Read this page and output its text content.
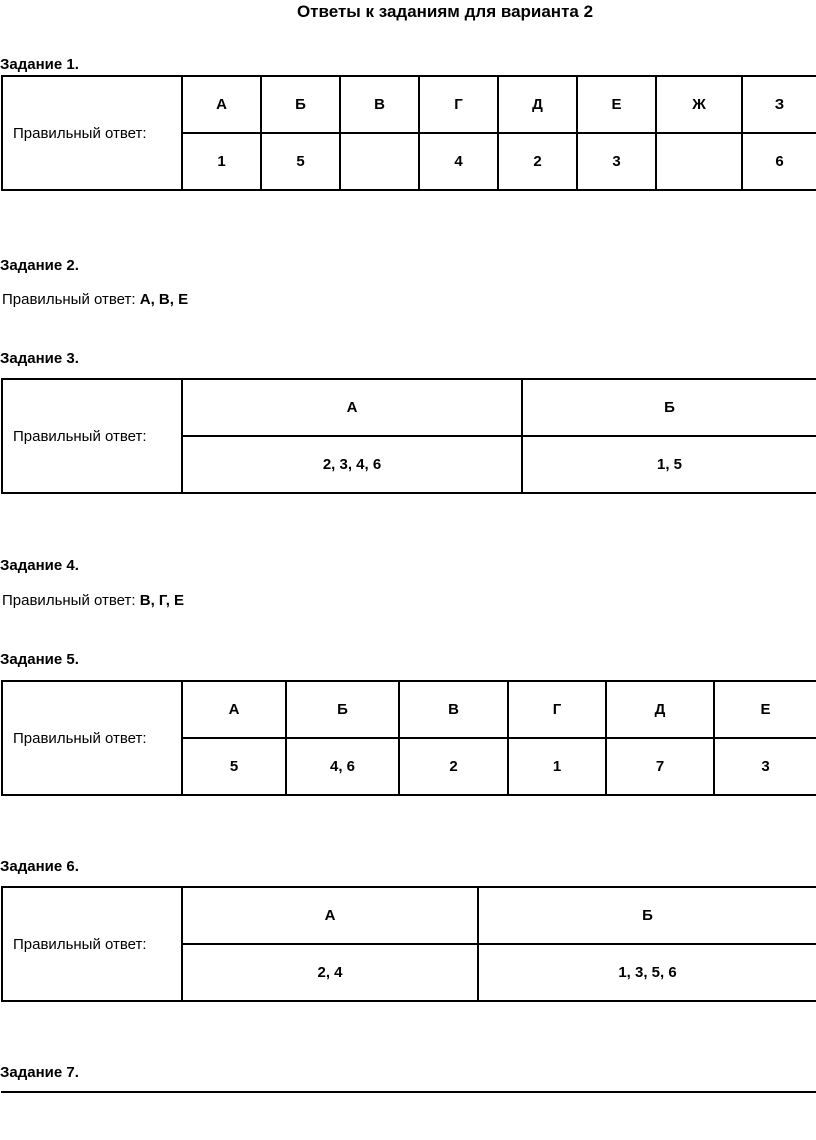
Ответы к заданиям для варианта 2
Задание 1.
Правильный ответ:	А	Б	В	Г	Д	Е	Ж	З
	1	5		4	2	3		6
Задание 2.
Правильный ответ: А, В, Е
Задание 3.
Правильный ответ:	А	Б
	2, 3, 4, 6	1, 5
Задание 4.
Правильный ответ: В, Г, Е
Задание 5.
Правильный ответ:	А	Б	В	Г	Д	Е
	5	4, 6	2	1	7	3
Задание 6.
Правильный ответ:	А	Б
	2, 4	1, 3, 5, 6
Задание 7.
